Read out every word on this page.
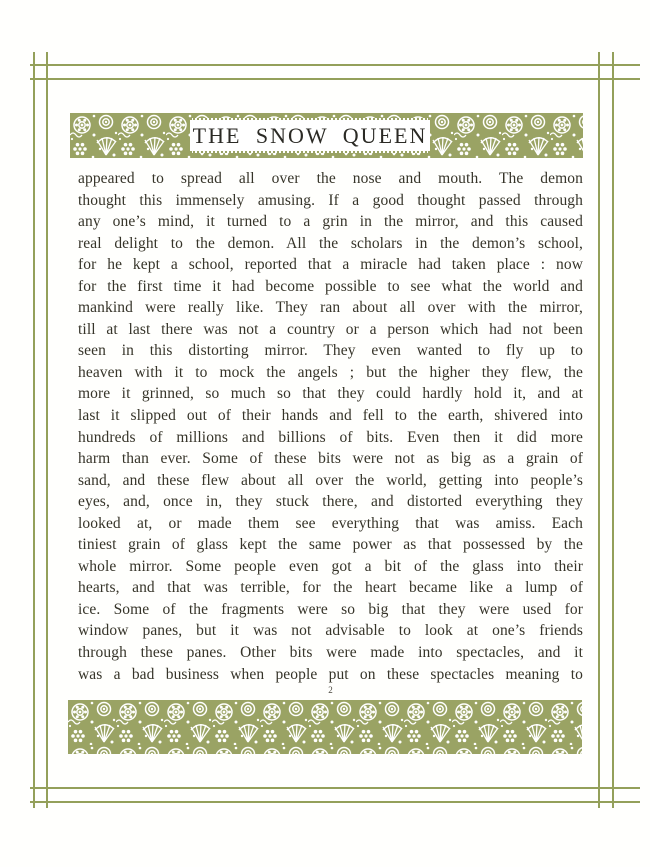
THE SNOW QUEEN
appeared to spread all over the nose and mouth. The demon
thought this immensely amusing. If a good thought passed through
any one’s mind, it turned to a grin in the mirror, and this caused
real delight to the demon. All the scholars in the demon’s school,
for he kept a school, reported that a miracle had taken place : now
for the first time it had become possible to see what the world and
mankind were really like. They ran about all over with the mirror,
till at last there was not a country or a person which had not been
seen in this distorting mirror. They even wanted to fly up to
heaven with it to mock the angels ; but the higher they flew, the
more it grinned, so much so that they could hardly hold it, and at
last it slipped out of their hands and fell to the earth, shivered into
hundreds of millions and billions of bits. Even then it did more
harm than ever. Some of these bits were not as big as a grain of
sand, and these flew about all over the world, getting into people’s
eyes, and, once in, they stuck there, and distorted everything they
looked at, or made them see everything that was amiss. Each
tiniest grain of glass kept the same power as that possessed by the
whole mirror. Some people even got a bit of the glass into their
hearts, and that was terrible, for the heart became like a lump of
ice. Some of the fragments were so big that they were used for
window panes, but it was not advisable to look at one’s friends
through these panes. Other bits were made into spectacles, and it
was a bad business when people put on these spectacles meaning to
2
